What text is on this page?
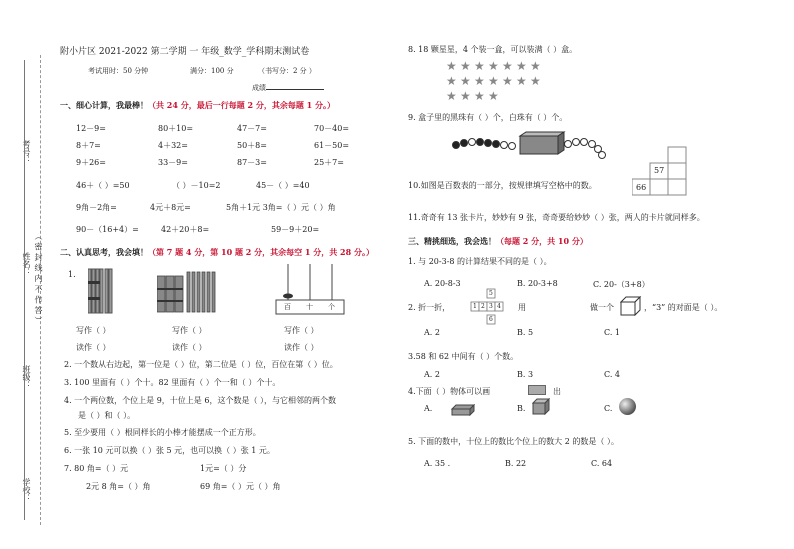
考号：
姓名： （ 密 封 线 内 不 作 答 ）
班级：
学校：
附小片区 2021-2022 第二学期 一 年级_数学_学科期末测试卷
考试用时：50 分钟	满分：100 分	（书写分：2 分 ）
成绩
一、细心计算，我最棒！（共 24 分，最后一行每题 2 分，其余每题 1 分。）
12－9=	80＋10=	47－7=	70－40=
8＋7=	4＋32=	50＋8=	61－50=
9＋26=	33－9=	87－3=	25＋7=
46＋（ ）=50	（ ）－10=2	45－（ ）=40
9角－2角=	4元＋8元=	5角＋1元 3角=（ ）元（ ）角
90－（16+4）=	42＋20＋8=	59－9＋20=
二、认真思考，我会填！（第 7 题 4 分，第 10 题 2 分，其余每空 1 分，共 28 分。）
1.
百 十 个
写作（ ）	写作（ ）	写作（ ）
读作（ ）	读作（ ）	读作（ ）
2. 一个数从右边起，第一位是（ ）位，第二位是（ ）位，百位在第（ ）位。
3. 100 里面有（ ）个十。82 里面有（ ）个一和（ ）个十。
4. 一个两位数，个位上是 9，十位上是 6，这个数是（ ），与它相邻的两个数
是（ ）和（ ）。
5. 至少要用（ ）根同样长的小棒才能摆成一个正方形。
6. 一张 10 元可以换（ ）张 5 元，也可以换（ ）张 1 元。
7. 80 角=（ ）元	1元=（ ）分
2元 8 角=（ ）角	69 角=（ ）元（ ）角
8. 18 颗星星，4 个装一盒，可以装满（ ）盒。
★ ★ ★ ★ ★ ★ ★
★ ★ ★ ★ ★ ★ ★
★ ★ ★ ★
9. 盒子里的黑珠有（ ）个，白珠有（ ）个。
57
66
10.如图是百数表的一部分，按规律填写空格中的数。
11.奇奇有 13 张卡片，妙妙有 9 张，奇奇要给妙妙（ ）张，两人的卡片就同样多。
三、精挑细选，我会选！（每题 2 分，共 10 分）
1. 与 20-3-8 的计算结果不同的是（ ）。
A. 20-8-3	B. 20-3+8	C. 20-（3+8）
2. 折一折，
5
1 2 3 4
6
用	做一个	，“3” 的对面是（ ）。
A. 2	B. 5	C. 1
3.58 和 62 中间有（ ）个数。
A. 2	B. 3	C. 4
4.下面（ ）物体可以画	出
A.	B.	C.
5. 下面的数中，十位上的数比个位上的数大 2 的数是（ ）。
A. 35 .	B. 22	C. 64
